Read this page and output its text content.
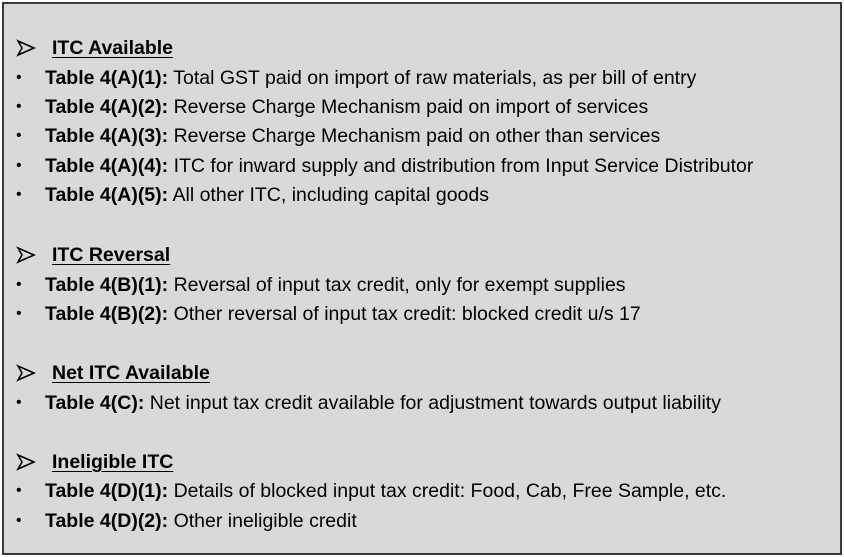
ITC Available
• Table 4(A)(1): Total GST paid on import of raw materials, as per bill of entry
• Table 4(A)(2): Reverse Charge Mechanism paid on import of services
• Table 4(A)(3): Reverse Charge Mechanism paid on other than services
• Table 4(A)(4): ITC for inward supply and distribution from Input Service Distributor
• Table 4(A)(5): All other ITC, including capital goods
ITC Reversal
• Table 4(B)(1): Reversal of input tax credit, only for exempt supplies
• Table 4(B)(2): Other reversal of input tax credit: blocked credit u/s 17
Net ITC Available
• Table 4(C): Net input tax credit available for adjustment towards output liability
Ineligible ITC
• Table 4(D)(1): Details of blocked input tax credit: Food, Cab, Free Sample, etc.
• Table 4(D)(2): Other ineligible credit
